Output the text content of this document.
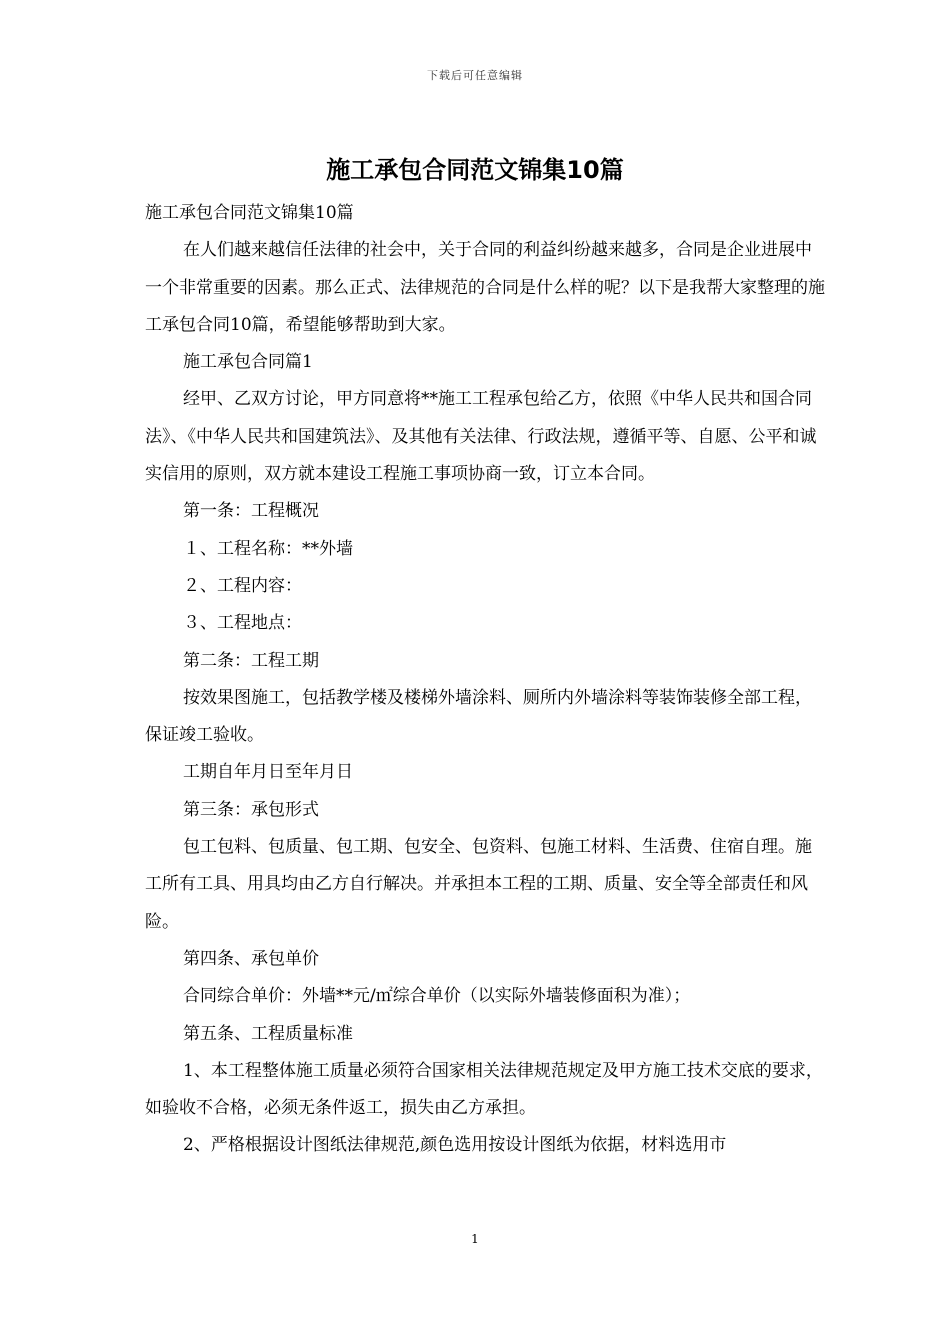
下载后可任意编辑
施工承包合同范文锦集10篇

施工承包合同范文锦集10篇

在人们越来越信任法律的社会中，关于合同的利益纠纷越来越多，合同是企业进展中一个非常重要的因素。那么正式、法律规范的合同是什么样的呢？以下是我帮大家整理的施工承包合同10篇，希望能够帮助到大家。

施工承包合同篇1

经甲、乙双方讨论，甲方同意将**施工工程承包给乙方，依照《中华人民共和国合同法》、《中华人民共和国建筑法》、及其他有关法律、行政法规，遵循平等、自愿、公平和诚实信用的原则，双方就本建设工程施工事项协商一致，订立本合同。

第一条：工程概况

１、工程名称：**外墙

２、工程内容：

３、工程地点：

第二条：工程工期

按效果图施工，包括教学楼及楼梯外墙涂料、厕所内外墙涂料等装饰装修全部工程，保证竣工验收。

工期自年月日至年月日

第三条：承包形式

包工包料、包质量、包工期、包安全、包资料、包施工材料、生活费、住宿自理。施工所有工具、用具均由乙方自行解决。并承担本工程的工期、质量、安全等全部责任和风险。

第四条、承包单价

合同综合单价：外墙**元/㎡综合单价（以实际外墙装修面积为准）；

第五条、工程质量标准

1、本工程整体施工质量必须符合国家相关法律规范规定及甲方施工技术交底的要求，如验收不合格，必须无条件返工，损失由乙方承担。

2、严格根据设计图纸法律规范,颜色选用按设计图纸为依据，材料选用市

1
